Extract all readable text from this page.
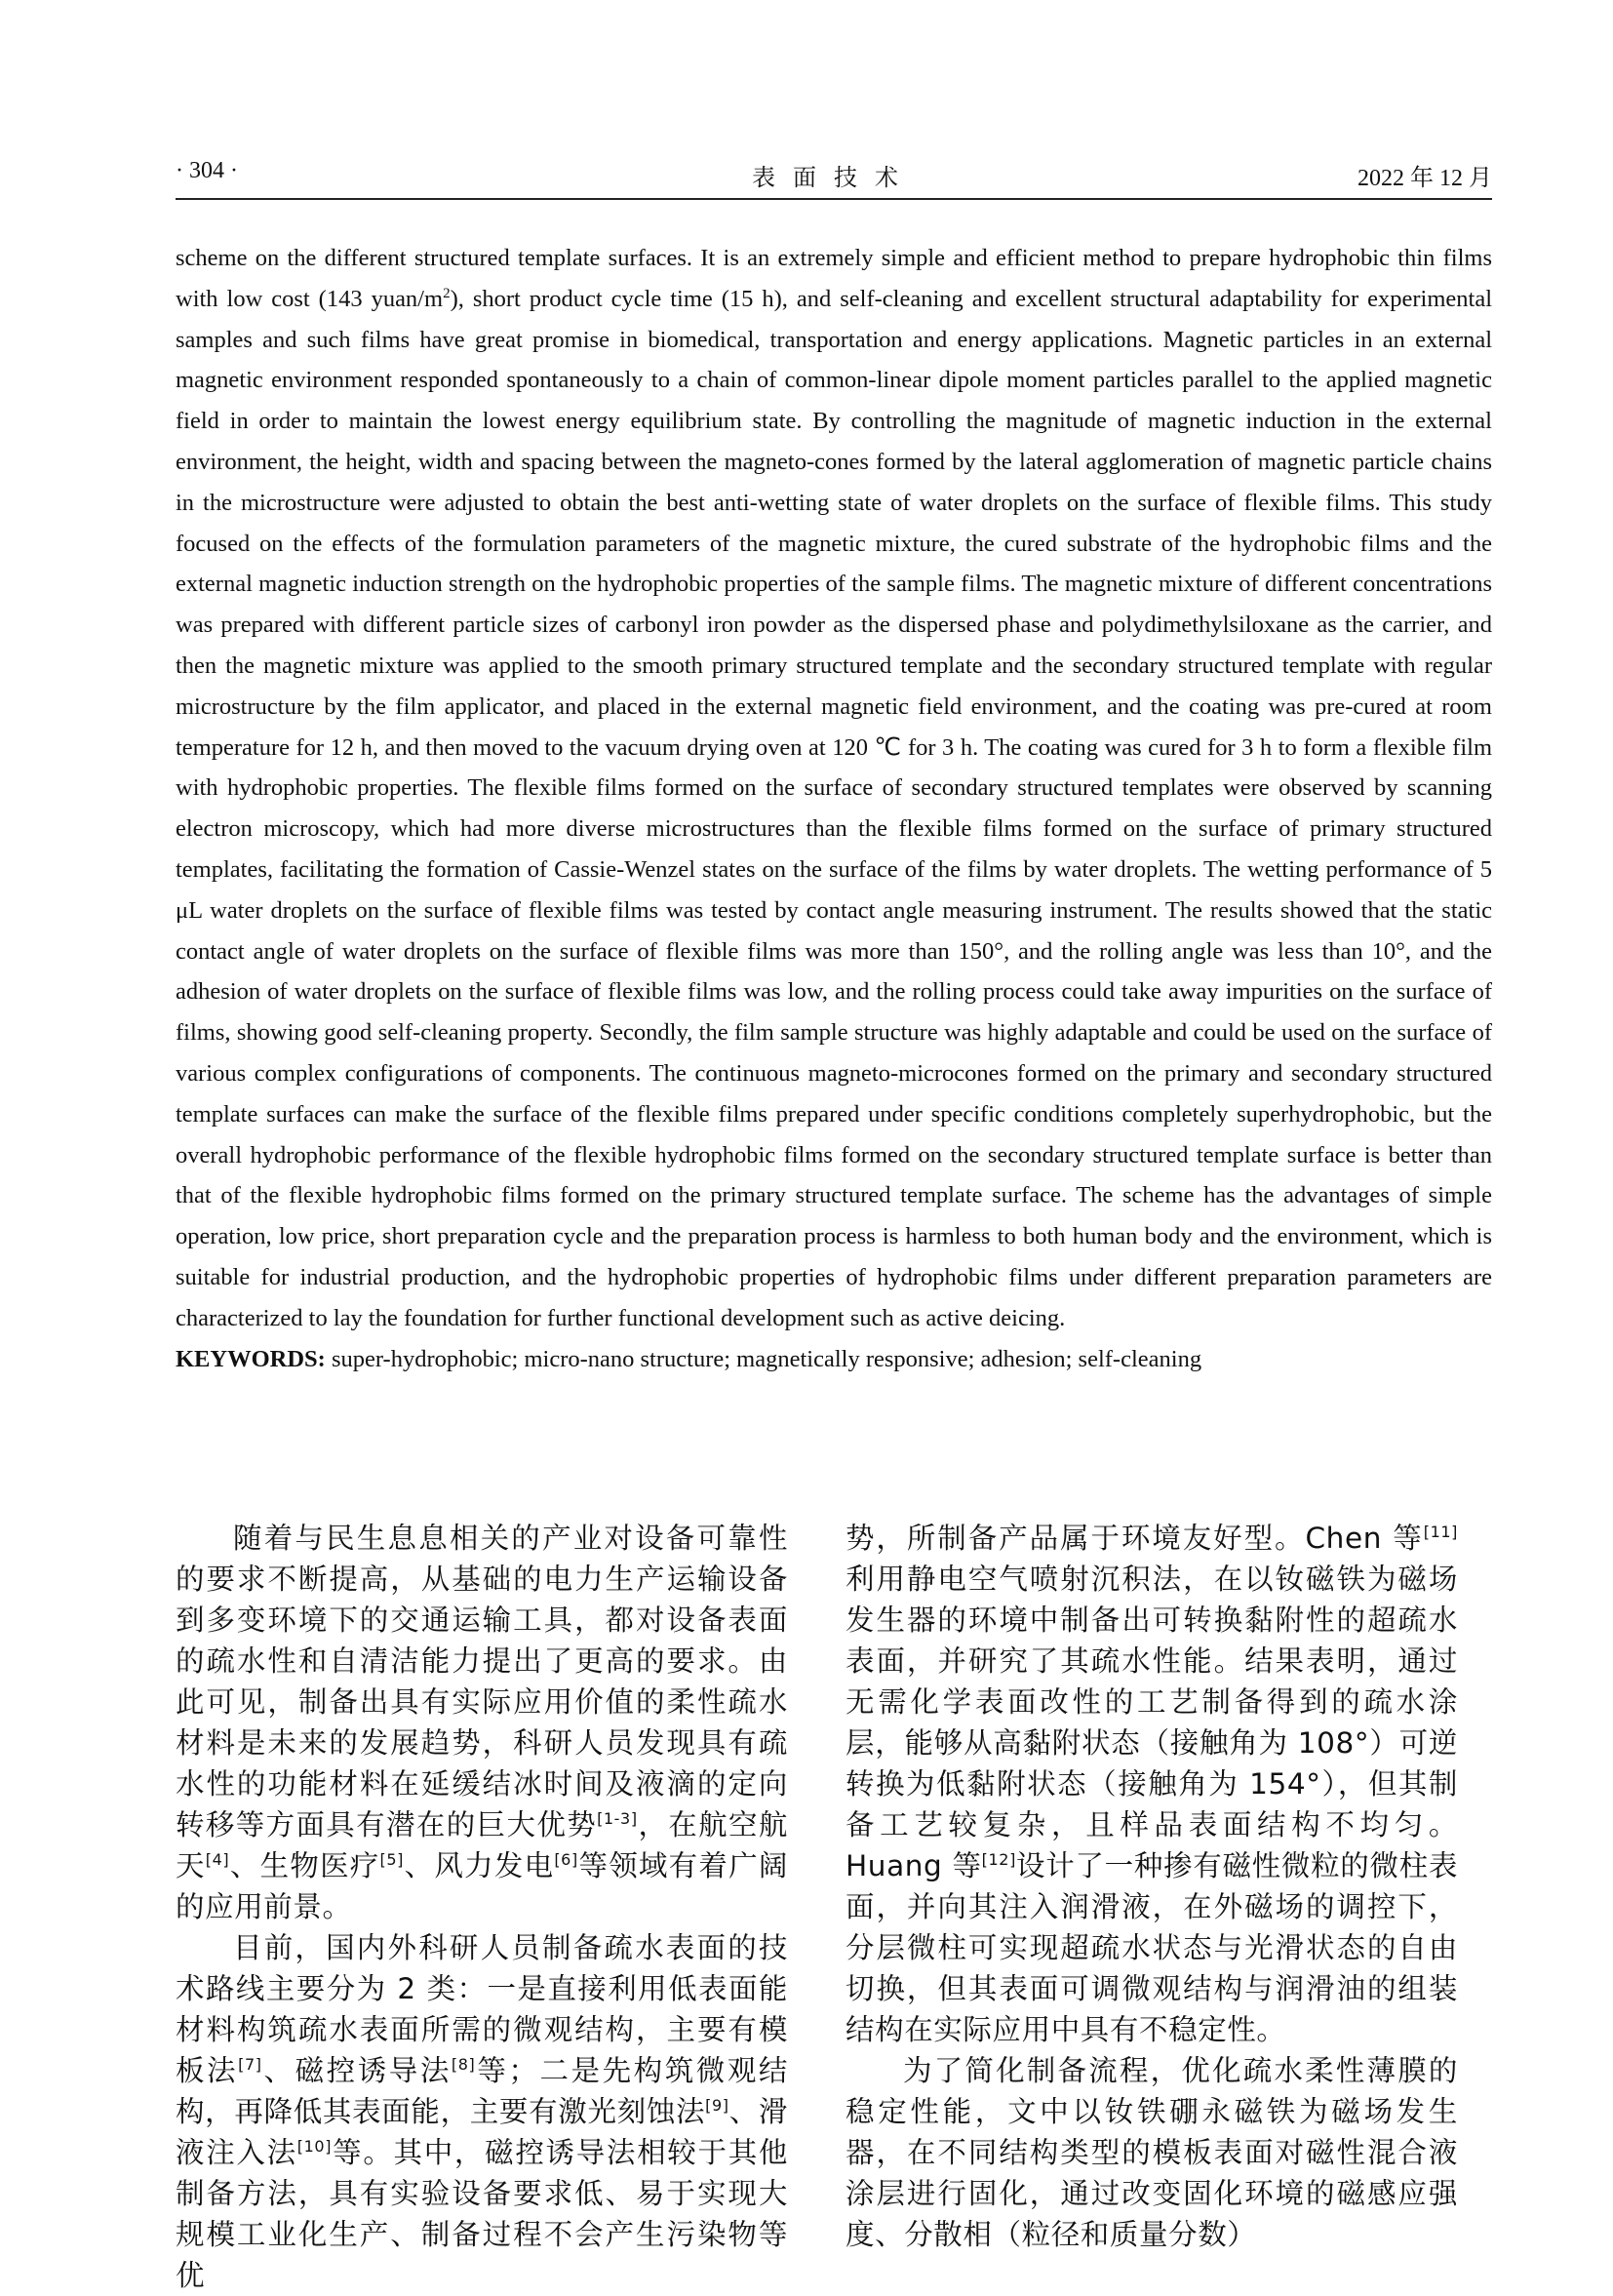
· 304 ·	表面技术	2022 年 12 月

scheme on the different structured template surfaces. It is an extremely simple and efficient method to prepare hydrophobic thin films with low cost (143 yuan/$m^2$), short product cycle time (15 h), and self-cleaning and excellent structural adaptability for experimental samples and such films have great promise in biomedical, transportation and energy applications. Magnetic particles in an external magnetic environment responded spontaneously to a chain of common-linear dipole moment particles parallel to the applied magnetic field in order to maintain the lowest energy equilibrium state. By controlling the magnitude of magnetic induction in the external environment, the height, width and spacing between the magneto-cones formed by the lateral agglomeration of magnetic particle chains in the microstructure were adjusted to obtain the best anti-wetting state of water droplets on the surface of flexible films. This study focused on the effects of the formulation parameters of the magnetic mixture, the cured substrate of the hydrophobic films and the external magnetic induction strength on the hydrophobic properties of the sample films. The magnetic mixture of different concentrations was prepared with different particle sizes of carbonyl iron powder as the dispersed phase and polydimethylsiloxane as the carrier, and then the magnetic mixture was applied to the smooth primary structured template and the secondary structured template with regular microstructure by the film applicator, and placed in the external magnetic field environment, and the coating was pre-cured at room temperature for 12 h, and then moved to the vacuum drying oven at 120 ℃ for 3 h. The coating was cured for 3 h to form a flexible film with hydrophobic properties. The flexible films formed on the surface of secondary structured templates were observed by scanning electron microscopy, which had more diverse microstructures than the flexible films formed on the surface of primary structured templates, facilitating the formation of Cassie-Wenzel states on the surface of the films by water droplets. The wetting performance of 5 μL water droplets on the surface of flexible films was tested by contact angle measuring instrument. The results showed that the static contact angle of water droplets on the surface of flexible films was more than 150°, and the rolling angle was less than 10°, and the adhesion of water droplets on the surface of flexible films was low, and the rolling process could take away impurities on the surface of films, showing good self-cleaning property. Secondly, the film sample structure was highly adaptable and could be used on the surface of various complex configurations of components. The continuous magneto-microcones formed on the primary and secondary structured template surfaces can make the surface of the flexible films prepared under specific conditions completely superhydrophobic, but the overall hydrophobic performance of the flexible hydrophobic films formed on the secondary structured template surface is better than that of the flexible hydrophobic films formed on the primary structured template surface. The scheme has the advantages of simple operation, low price, short preparation cycle and the preparation process is harmless to both human body and the environment, which is suitable for industrial production, and the hydrophobic properties of hydrophobic films under different preparation parameters are characterized to lay the foundation for further functional development such as active deicing.

KEYWORDS: super-hydrophobic; micro-nano structure; magnetically responsive; adhesion; self-cleaning

随着与民生息息相关的产业对设备可靠性的要求不断提高，从基础的电力生产运输设备到多变环境下的交通运输工具，都对设备表面的疏水性和自清洁能力提出了更高的要求。由此可见，制备出具有实际应用价值的柔性疏水材料是未来的发展趋势，科研人员发现具有疏水性的功能材料在延缓结冰时间及液滴的定向转移等方面具有潜在的巨大优势[1-3]，在航空航天[4]、生物医疗[5]、风力发电[6]等领域有着广阔的应用前景。

目前，国内外科研人员制备疏水表面的技术路线主要分为 2 类：一是直接利用低表面能材料构筑疏水表面所需的微观结构，主要有模板法[7]、磁控诱导法[8]等；二是先构筑微观结构，再降低其表面能，主要有激光刻蚀法[9]、滑液注入法[10]等。其中，磁控诱导法相较于其他制备方法，具有实验设备要求低、易于实现大规模工业化生产、制备过程不会产生污染物等优

势，所制备产品属于环境友好型。Chen 等[11]利用静电空气喷射沉积法，在以钕磁铁为磁场发生器的环境中制备出可转换黏附性的超疏水表面，并研究了其疏水性能。结果表明，通过无需化学表面改性的工艺制备得到的疏水涂层，能够从高黏附状态（接触角为 108°）可逆转换为低黏附状态（接触角为 154°），但其制备工艺较复杂，且样品表面结构不均匀。Huang 等[12]设计了一种掺有磁性微粒的微柱表面，并向其注入润滑液，在外磁场的调控下，分层微柱可实现超疏水状态与光滑状态的自由切换，但其表面可调微观结构与润滑油的组装结构在实际应用中具有不稳定性。

为了简化制备流程，优化疏水柔性薄膜的稳定性能，文中以钕铁硼永磁铁为磁场发生器，在不同结构类型的模板表面对磁性混合液涂层进行固化，通过改变固化环境的磁感应强度、分散相（粒径和质量分数）
